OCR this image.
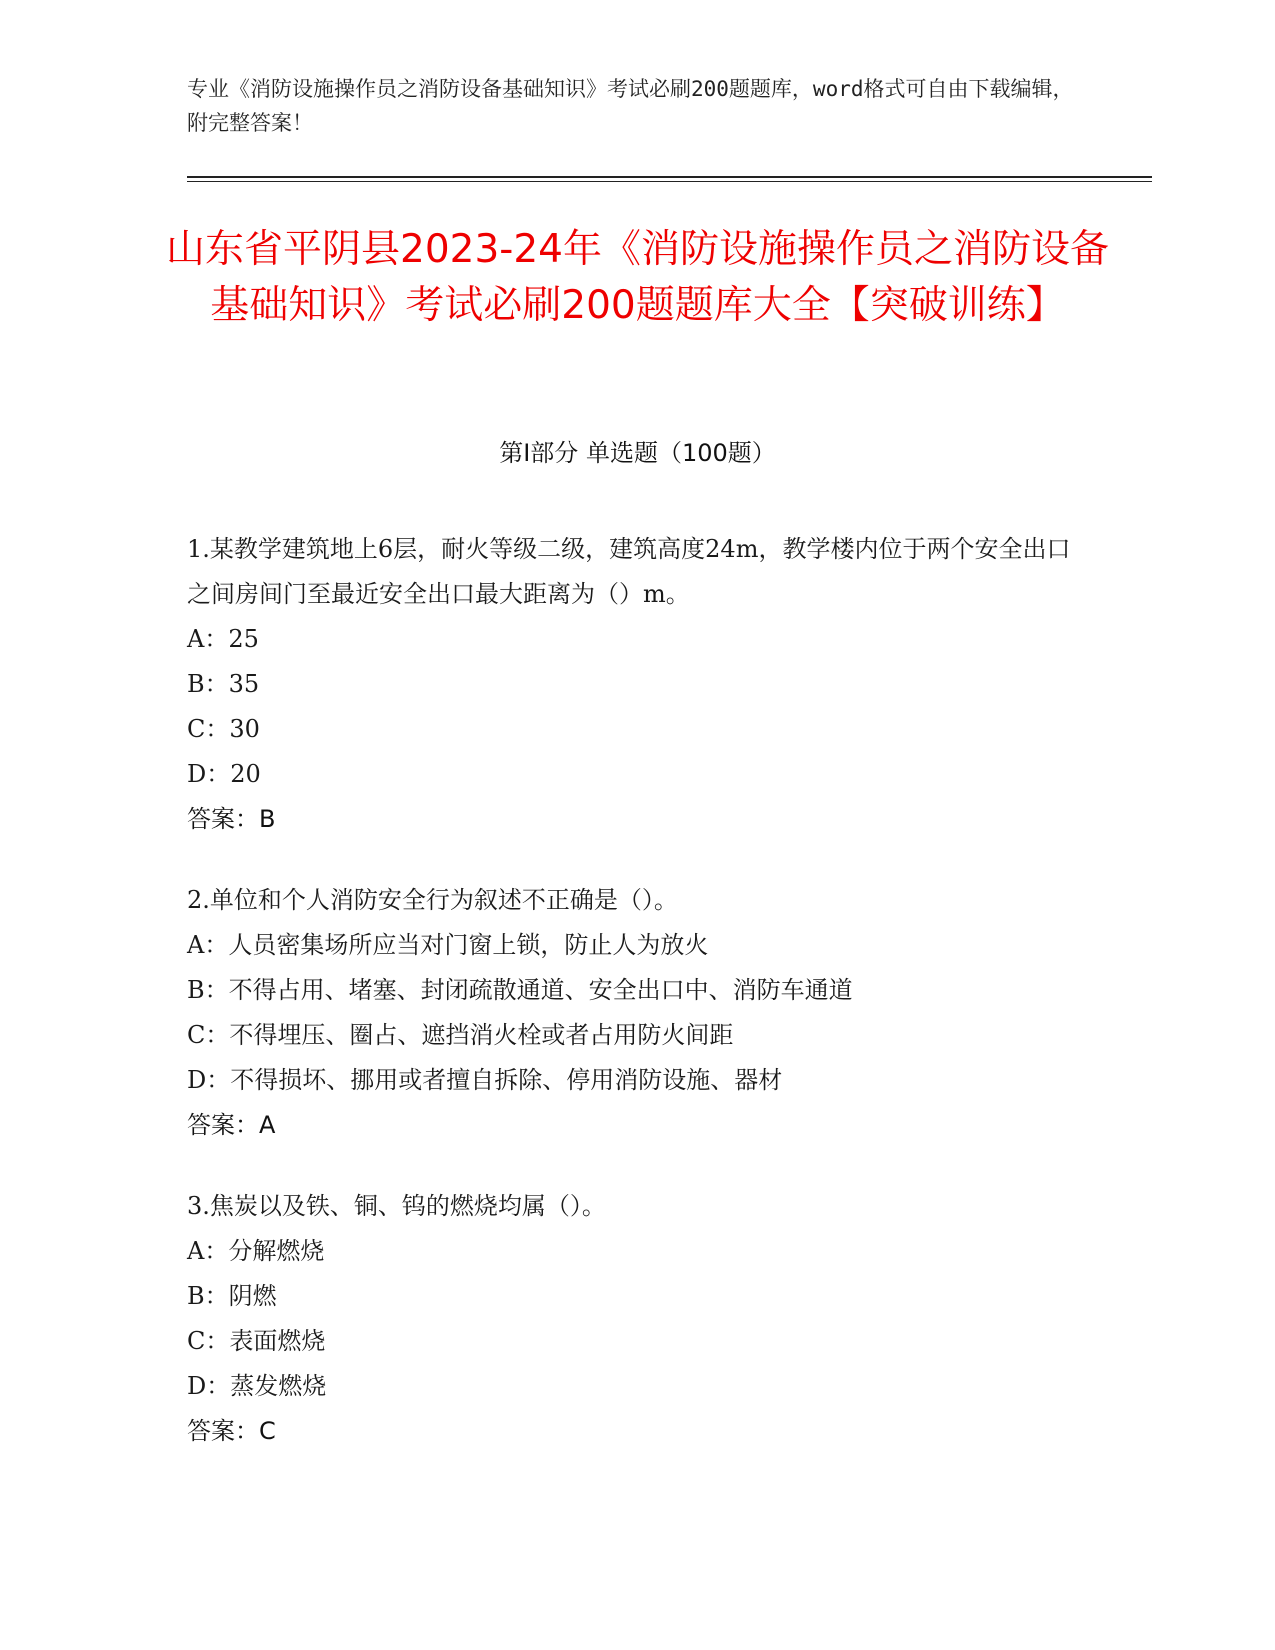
专业《消防设施操作员之消防设备基础知识》考试必刷200题题库，word格式可自由下载编辑，附完整答案！
山东省平阴县2023-24年《消防设施操作员之消防设备基础知识》考试必刷200题题库大全【突破训练】
第Ⅰ部分 单选题（100题）
1.某教学建筑地上6层，耐火等级二级，建筑高度24m，教学楼内位于两个安全出口之间房间门至最近安全出口最大距离为（）m。
A：25
B：35
C：30
D：20
答案：B
2.单位和个人消防安全行为叙述不正确是（）。
A：人员密集场所应当对门窗上锁，防止人为放火
B：不得占用、堵塞、封闭疏散通道、安全出口中、消防车通道
C：不得埋压、圈占、遮挡消火栓或者占用防火间距
D：不得损坏、挪用或者擅自拆除、停用消防设施、器材
答案：A
3.焦炭以及铁、铜、钨的燃烧均属（）。
A：分解燃烧
B：阴燃
C：表面燃烧
D：蒸发燃烧
答案：C
